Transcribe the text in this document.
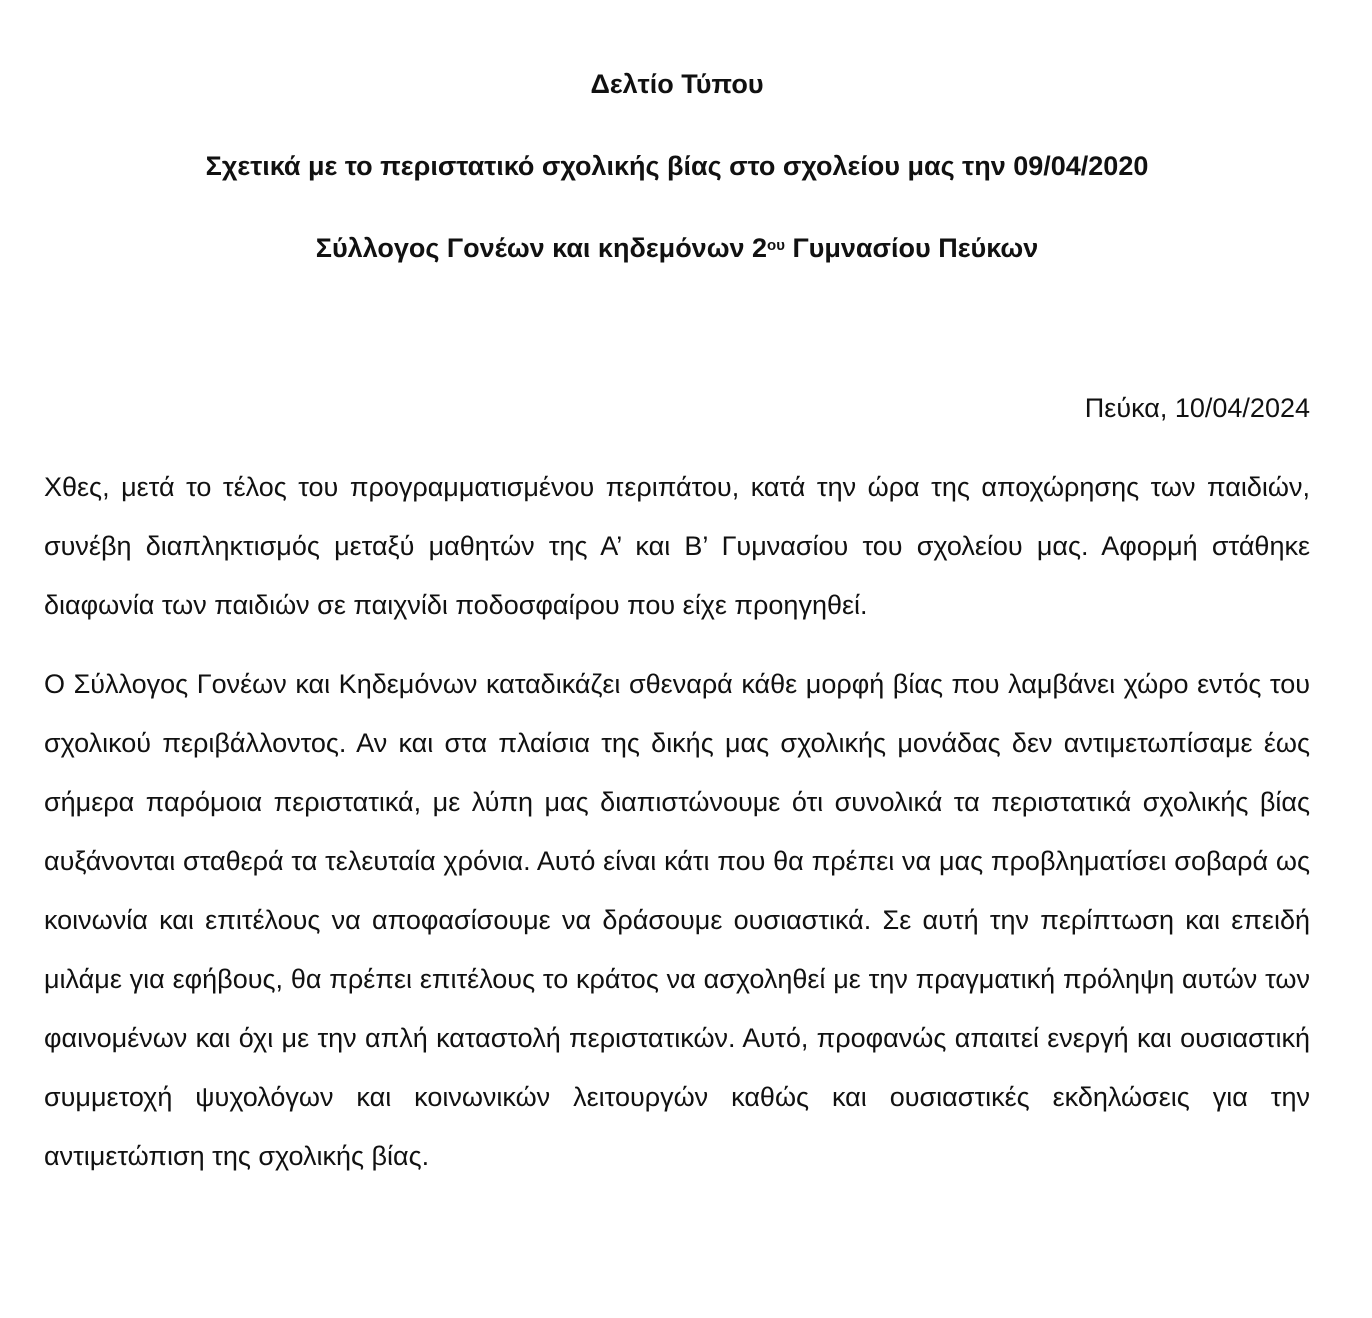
Δελτίο Τύπου
Σχετικά με το περιστατικό σχολικής βίας στο σχολείου μας την 09/04/2020
Σύλλογος Γονέων και κηδεμόνων $2^{o\upsilon}$ Γυμνασίου Πεύκων
Πεύκα, 10/04/2024

Χθες, μετά το τέλος του προγραμματισμένου περιπάτου, κατά την ώρα της αποχώρησης των παιδιών, συνέβη διαπληκτισμός μεταξύ μαθητών της Α’ και Β’ Γυμνασίου του σχολείου μας. Αφορμή στάθηκε διαφωνία των παιδιών σε παιχνίδι ποδοσφαίρου που είχε προηγηθεί.

Ο Σύλλογος Γονέων και Κηδεμόνων καταδικάζει σθεναρά κάθε μορφή βίας που λαμβάνει χώρο εντός του σχολικού περιβάλλοντος. Αν και στα πλαίσια της δικής μας σχολικής μονάδας δεν αντιμετωπίσαμε έως σήμερα παρόμοια περιστατικά, με λύπη μας διαπιστώνουμε ότι συνολικά τα περιστατικά σχολικής βίας αυξάνονται σταθερά τα τελευταία χρόνια. Αυτό είναι κάτι που θα πρέπει να μας προβληματίσει σοβαρά ως κοινωνία και επιτέλους να αποφασίσουμε να δράσουμε ουσιαστικά. Σε αυτή την περίπτωση και επειδή μιλάμε για εφήβους, θα πρέπει επιτέλους το κράτος να ασχοληθεί με την πραγματική πρόληψη αυτών των φαινομένων και όχι με την απλή καταστολή περιστατικών. Αυτό, προφανώς απαιτεί ενεργή και ουσιαστική συμμετοχή ψυχολόγων και κοινωνικών λειτουργών καθώς και ουσιαστικές εκδηλώσεις για την αντιμετώπιση της σχολικής βίας.
